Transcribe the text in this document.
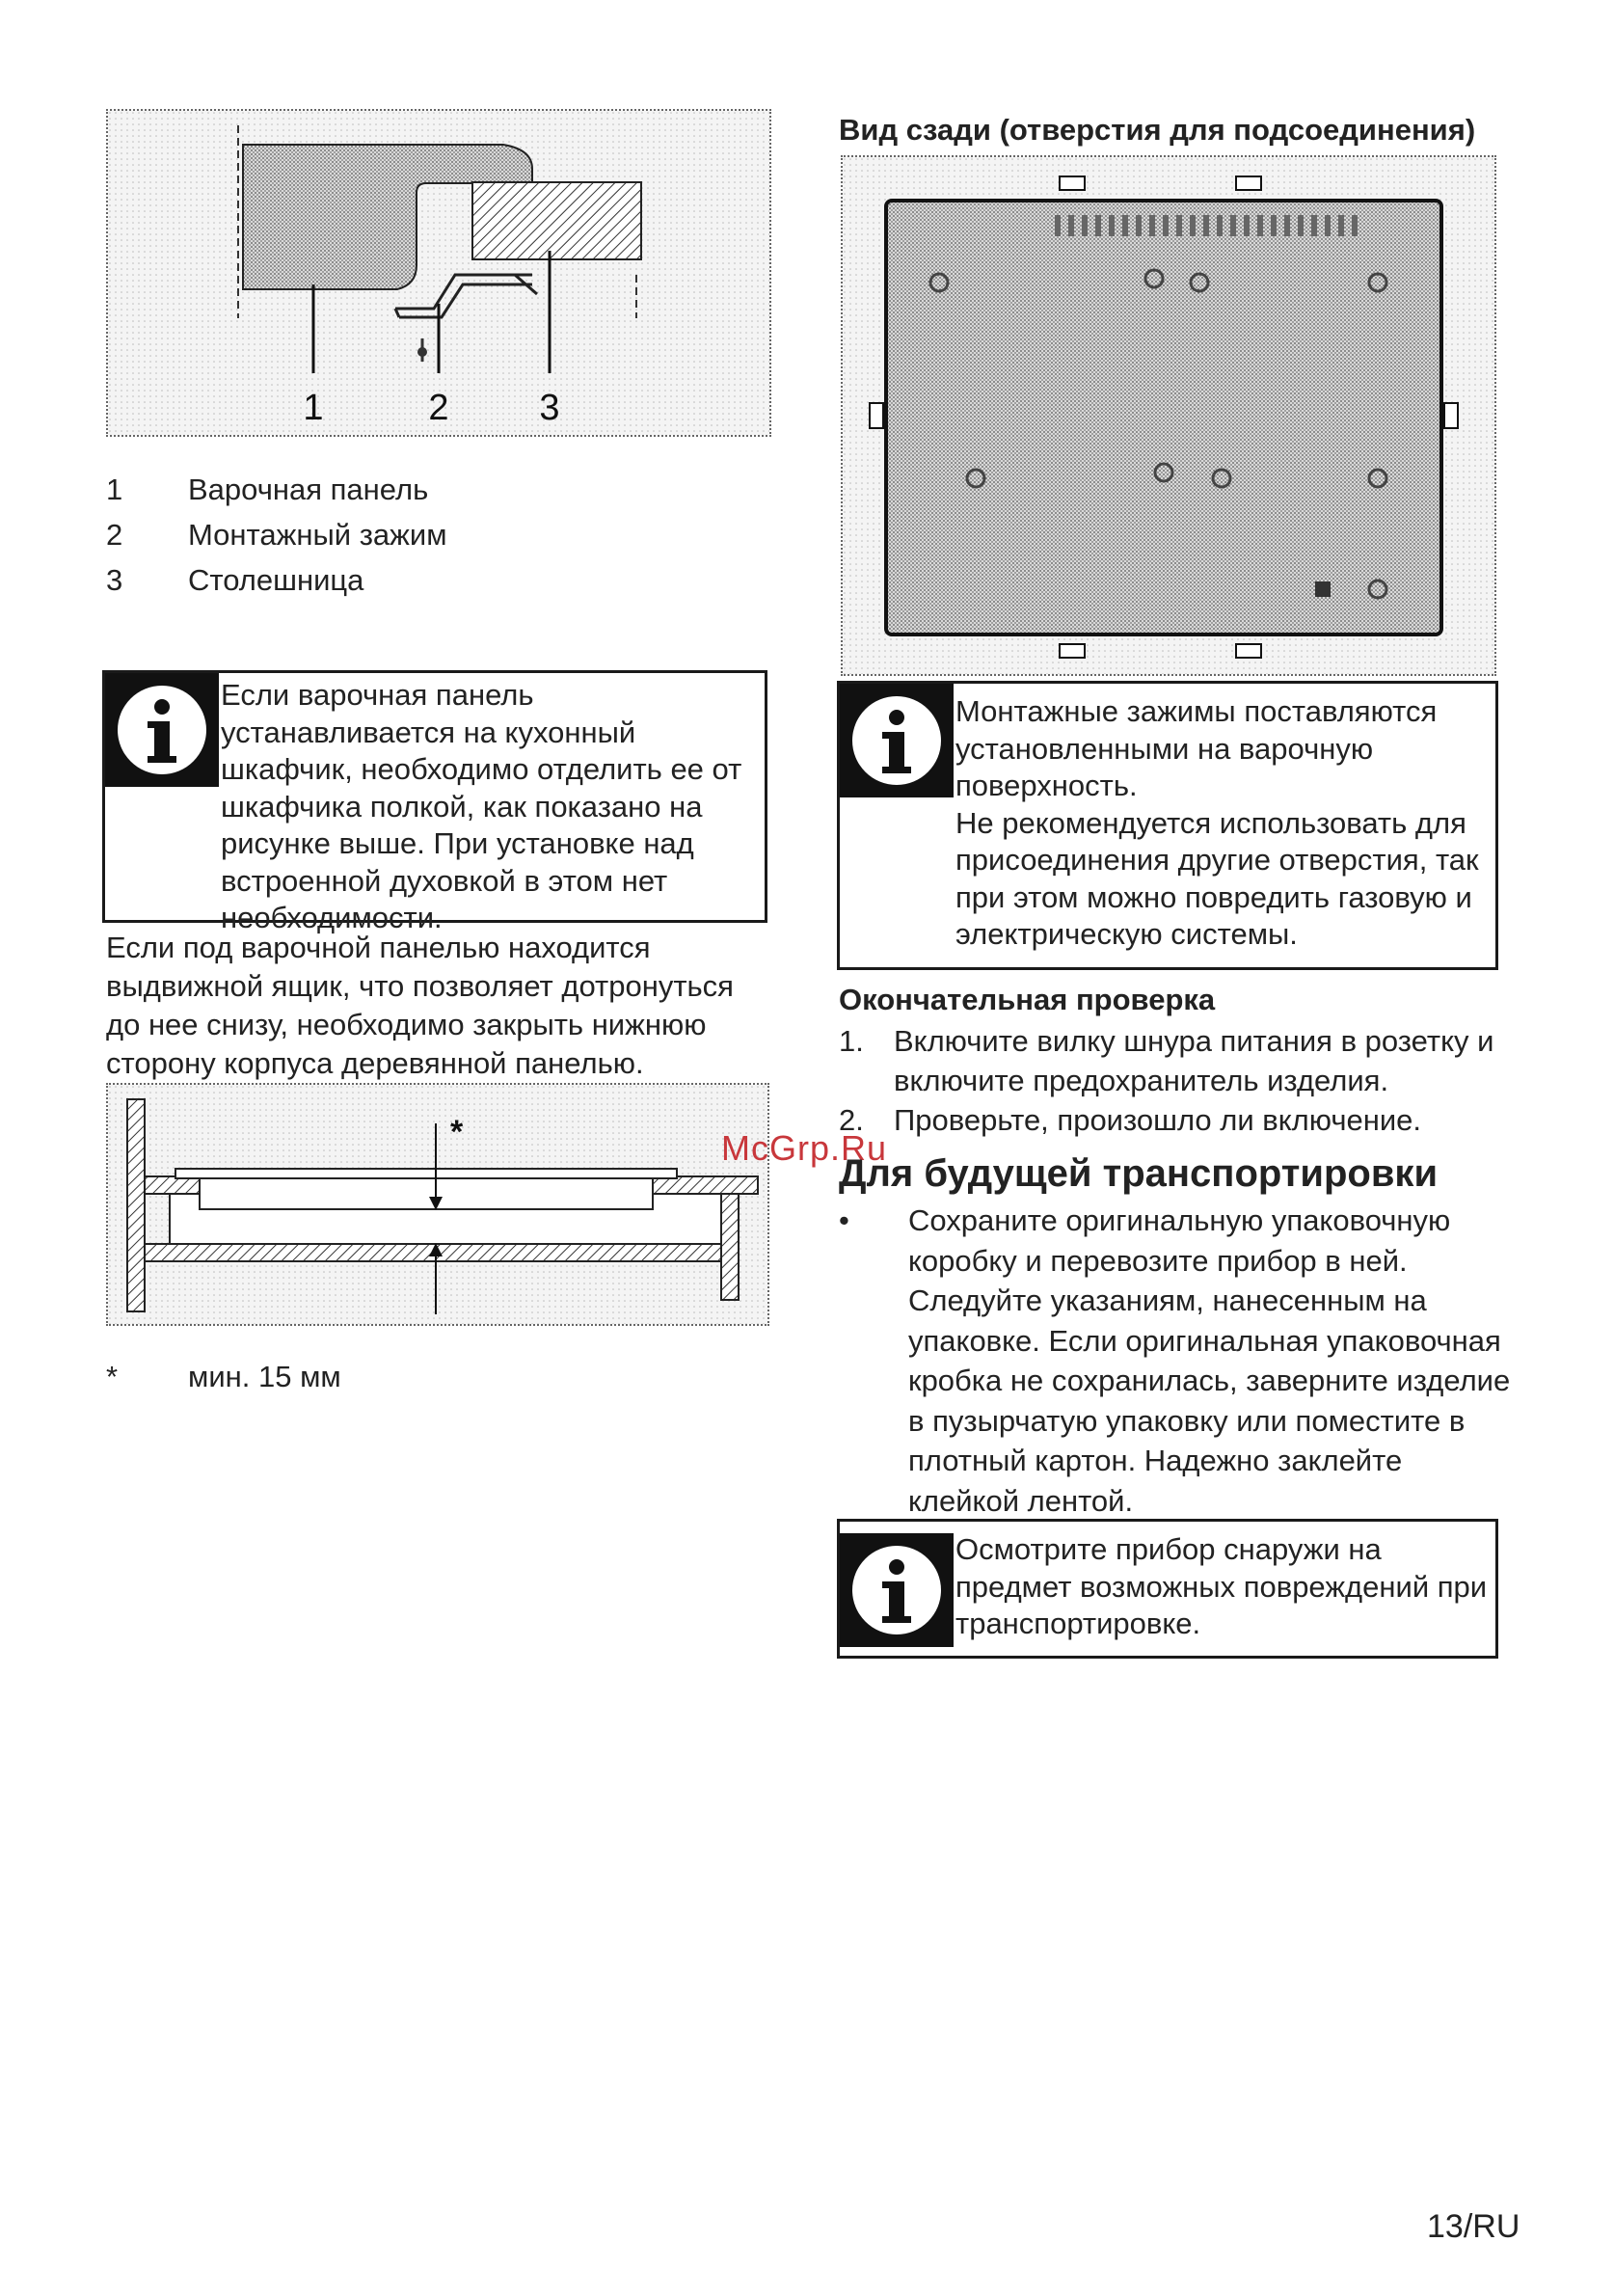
1	2 3
1 Варочная панель
2 Монтажный зажим
3 Столешница
Если варочная панель устанавливается на кухонный шкафчик, необходимо отделить ее от шкафчика полкой, как показано на рисунке выше. При установке над встроенной духовкой в этом нет необходимости.
Если под варочной панелью находится выдвижной ящик, что позволяет дотронуться до нее снизу, необходимо закрыть нижнюю сторону корпуса деревянной панелью.
*
* мин. 15 мм
Вид сзади (отверстия для подсоединения)
Монтажные зажимы поставляются установленными на варочную поверхность.
Не рекомендуется использовать для присоединения другие отверстия, так при этом можно повредить газовую и электрическую системы.
Окончательная проверка
1. Включите вилку шнура питания в розетку и включите предохранитель изделия.
2. Проверьте, произошло ли включение.
McGrp.Ru
Для будущей транспортировки
• Сохраните оригинальную упаковочную коробку и перевозите прибор в ней. Следуйте указаниям, нанесенным на упаковке. Если оригинальная упаковочная кробка не сохранилась, заверните изделие в пузырчатую упаковку или поместите в плотный картон. Надежно заклейте клейкой лентой.
Осмотрите прибор снаружи на предмет возможных повреждений при транспортировке.
13/RU
